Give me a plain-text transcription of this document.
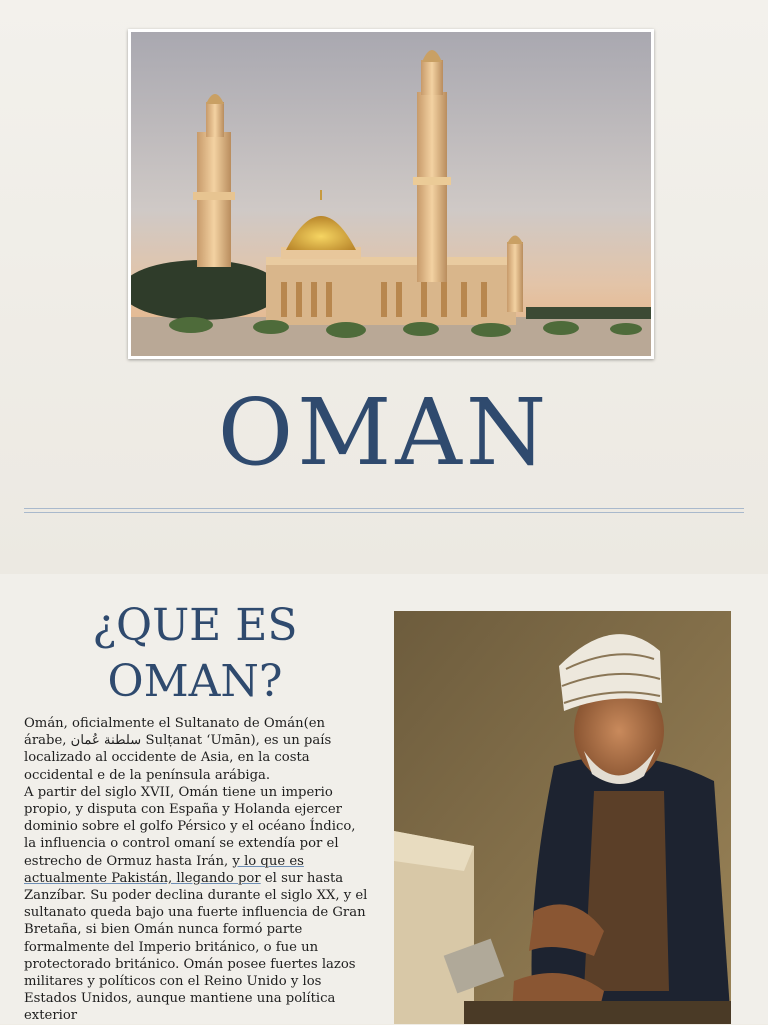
OMAN
¿QUE ES OMAN?

Omán, oficialmente el Sultanato de Omán(en árabe, سلطنة عُمان Sulṭanat ʻUmān), es un país localizado al occidente de Asia, en la costa occidental e de la península arábiga.

A partir del siglo XVII, Omán tiene un imperio propio, y disputa con España y Holanda ejercer dominio sobre el golfo Pérsico y el océano Índico, la influencia o control omaní se extendía por el estrecho de Ormuz hasta Irán, y lo que es actualmente Pakistán, llegando por el sur hasta Zanzíbar. Su poder declina durante el siglo XX, y el sultanato queda bajo una fuerte influencia de Gran Bretaña, si bien Omán nunca formó parte formalmente del Imperio británico, o fue un protectorado británico. Omán posee fuertes lazos militares y políticos con el Reino Unido y los Estados Unidos, aunque mantiene una política exterior
